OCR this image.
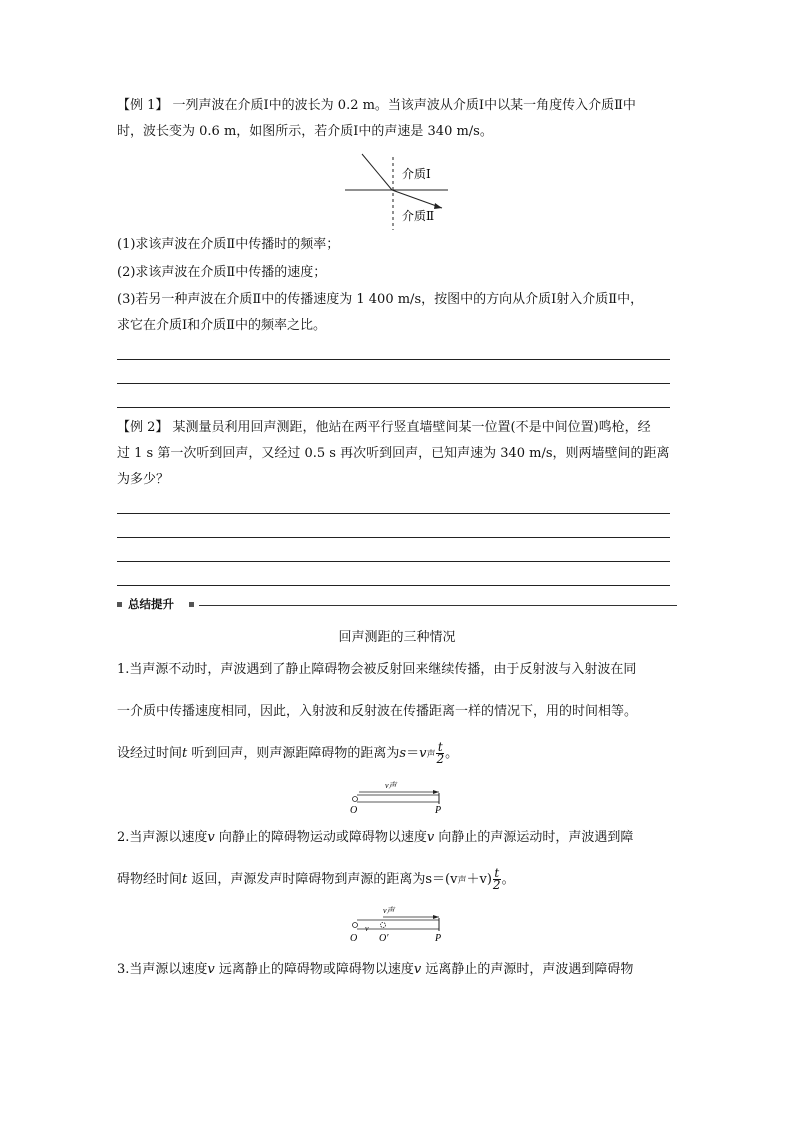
【例 1】 一列声波在介质Ⅰ中的波长为 0.2 m。当该声波从介质Ⅰ中以某一角度传入介质Ⅱ中
时，波长变为 0.6 m，如图所示，若介质Ⅰ中的声速是 340 m/s。
介质Ⅰ
介质Ⅱ
(1)求该声波在介质Ⅱ中传播时的频率；
(2)求该声波在介质Ⅱ中传播的速度；
(3)若另一种声波在介质Ⅱ中的传播速度为 1 400 m/s，按图中的方向从介质Ⅰ射入介质Ⅱ中，
求它在介质Ⅰ和介质Ⅱ中的频率之比。
【例 2】 某测量员利用回声测距，他站在两平行竖直墙壁间某一位置(不是中间位置)鸣枪，经
过 1 s 第一次听到回声，又经过 0.5 s 再次听到回声，已知声速为 340 m/s，则两墙壁间的距离
为多少？
总结提升
回声测距的三种情况
1.当声源不动时，声波遇到了静止障碍物会被反射回来继续传播，由于反射波与入射波在同
一介质中传播速度相同，因此，入射波和反射波在传播距离一样的情况下，用的时间相等。
设经过时间t 听到回声，则声源距障碍物的距离为s＝v声 $\frac{t}{2}$ 。
v声
O	P
2.当声源以速度v 向静止的障碍物运动或障碍物以速度v 向静止的声源运动时，声波遇到障
碍物经时间t 返回，声源发声时障碍物到声源的距离为s＝(v声$+v) \frac{t}{2}$ 。
v声
v
O O′	P
3.当声源以速度v 远离静止的障碍物或障碍物以速度v 远离静止的声源时，声波遇到障碍物
